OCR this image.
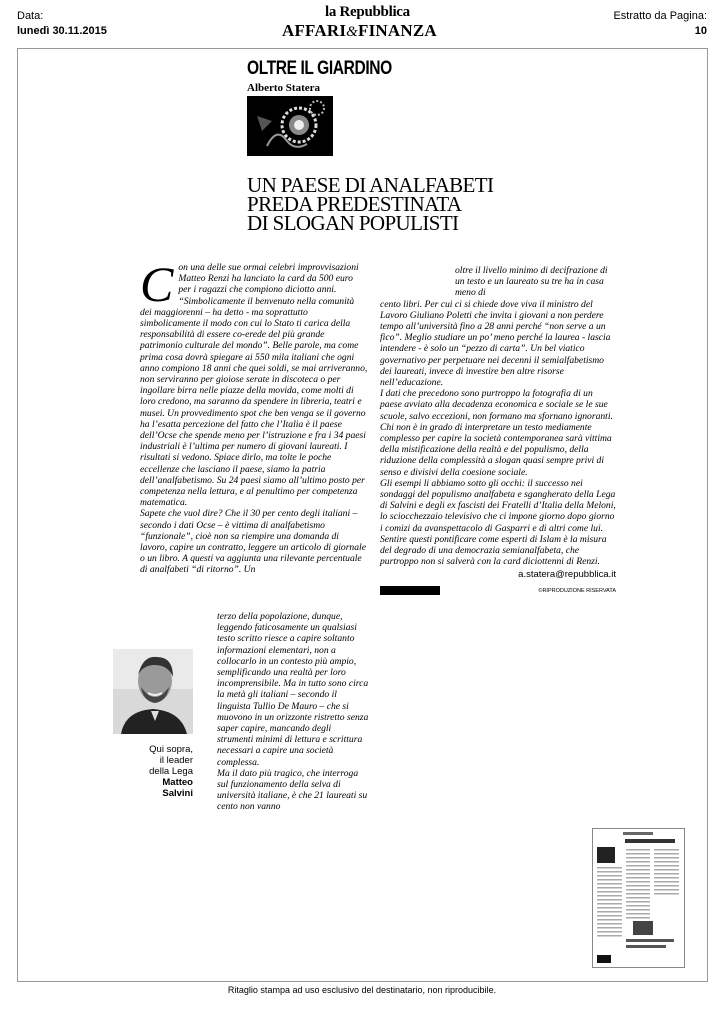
Data:
lunedì 30.11.2015
la Repubblica
AFFARI&FINANZA
Estratto da Pagina:
10
OLTRE IL GIARDINO
Alberto Statera
UN PAESE DI ANALFABETI
PREDA PREDESTINATA
DI SLOGAN POPULISTI
C on una delle sue ormai celebri improvvisazioni Matteo Renzi ha lanciato la card da 500 euro per i ragazzi che compiono diciotto anni. “Simbolicamente il benvenuto nella comunità dei maggiorenni – ha detto - ma soprattutto simbolicamente il modo con cui lo Stato ti carica della responsabilità di essere co-erede del più grande patrimonio culturale del mondo”. Belle parole, ma come prima cosa dovrà spiegare ai 550 mila italiani che ogni anno compiono 18 anni che quei soldi, se mai arriveranno, non serviranno per gioiose serate in discoteca o per ingollare birra nelle piazze della movida, come molti di loro credono, ma saranno da spendere in libreria, teatri e musei. Un provvedimento spot che ben venga se il governo ha l’esatta percezione del fatto che l’Italia è il paese dell’Ocse che spende meno per l’istruzione e fra i 34 paesi industriali è l’ultima per numero di giovani laureati. I risultati si vedono. Spiace dirlo, ma tolte le poche eccellenze che lasciano il paese, siamo la patria dell’analfabetismo. Su 24 paesi siamo all’ultimo posto per competenza nella lettura, e al penultimo per competenza matematica.

Sapete che vuol dire? Che il 30 per cento degli italiani – secondo i dati Ocse – è vittima di analfabetismo “funzionale”, cioè non sa riempire una domanda di lavoro, capire un contratto, leggere un articolo di giornale o un libro. A questi va aggiunta una rilevante percentuale di analfabeti “di ritorno”. Un

terzo della popolazione, dunque, leggendo faticosamente un qualsiasi testo scritto riesce a capire soltanto informazioni elementari, non a collocarlo in un contesto più ampio, semplificando una realtà per loro incomprensibile. Ma in tutto sono circa la metà gli italiani – secondo il linguista Tullio De Mauro – che si muovono in un orizzonte ristretto senza saper capire, mancando degli strumenti minimi di lettura e scrittura necessari a capire una società complessa.

Ma il dato più tragico, che interroga sul funzionamento della selva di università italiane, è che 21 laureati su cento non vanno

Qui sopra,
il leader
della Lega
Matteo
Salvini

oltre il livello minimo di decifrazione di un testo e un laureato su tre ha in casa meno di

cento libri. Per cui ci si chiede dove viva il ministro del Lavoro Giuliano Poletti che invita i giovani a non perdere tempo all’università fino a 28 anni perché “non serve a un fico”. Meglio studiare un po’ meno perché la laurea - lascia intendere - è solo un “pezzo di carta”. Un bel viatico governativo per perpetuare nei decenni il semialfabetismo dei laureati, invece di investire ben altre risorse nell’educazione.

I dati che precedono sono purtroppo la fotografia di un paese avviato alla decadenza economica e sociale se le sue scuole, salvo eccezioni, non formano ma sfornano ignoranti. Chi non è in grado di interpretare un testo mediamente complesso per capire la società contemporanea sarà vittima della mistificazione della realtà e del populismo, della riduzione della complessità a slogan quasi sempre privi di senso e divisivi della coesione sociale.

Gli esempi li abbiamo sotto gli occhi: il successo nei sondaggi del populismo analfabeta e sgangherato della Lega di Salvini e degli ex fascisti dei Fratelli d’Italia della Meloni, lo sciocchezzaio televisivo che ci impone giorno dopo giorno i comizi da avanspettacolo di Gasparri e di altri come lui. Sentire questi pontificare come esperti di Islam è la misura del degrado di una democrazia semianalfabeta, che purtroppo non si salverà con la card diciottenni di Renzi.

a.statera@repubblica.it
©RIPRODUZIONE RISERVATA
Ritaglio stampa ad uso esclusivo del destinatario, non riproducibile.
